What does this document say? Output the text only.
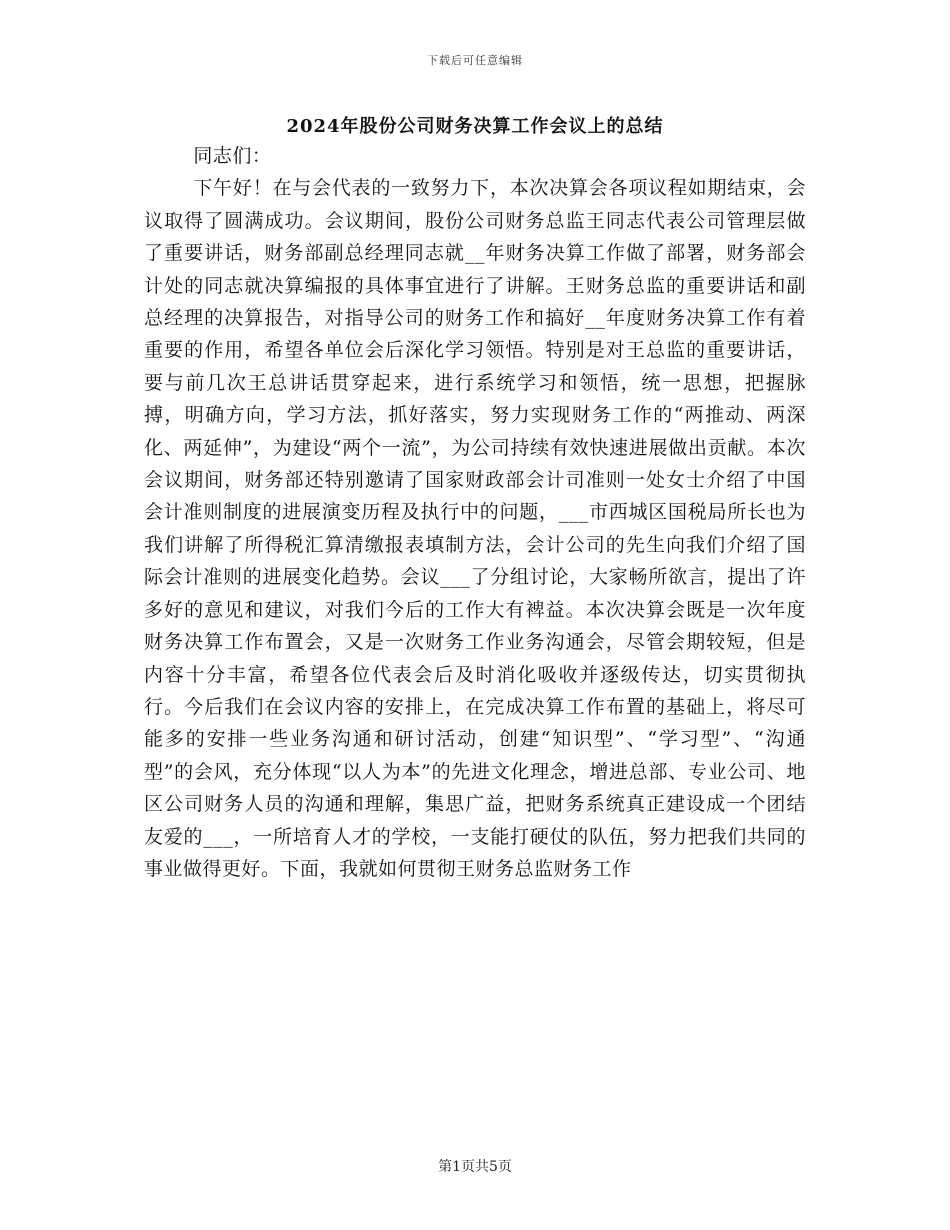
下载后可任意编辑
2024年股份公司财务决算工作会议上的总结

同志们：

下午好！在与会代表的一致努力下，本次决算会各项议程如期结束，会议取得了圆满成功。会议期间，股份公司财务总监王同志代表公司管理层做了重要讲话，财务部副总经理同志就__年财务决算工作做了部署，财务部会计处的同志就决算编报的具体事宜进行了讲解。王财务总监的重要讲话和副总经理的决算报告，对指导公司的财务工作和搞好__年度财务决算工作有着重要的作用，希望各单位会后深化学习领悟。特别是对王总监的重要讲话，要与前几次王总讲话贯穿起来，进行系统学习和领悟，统一思想，把握脉搏，明确方向，学习方法，抓好落实，努力实现财务工作的“两推动、两深化、两延伸”，为建设“两个一流”，为公司持续有效快速进展做出贡献。本次会议期间，财务部还特别邀请了国家财政部会计司准则一处女士介绍了中国会计准则制度的进展演变历程及执行中的问题，___市西城区国税局所长也为我们讲解了所得税汇算清缴报表填制方法，会计公司的先生向我们介绍了国际会计准则的进展变化趋势。会议___了分组讨论，大家畅所欲言，提出了许多好的意见和建议，对我们今后的工作大有裨益。本次决算会既是一次年度财务决算工作布置会，又是一次财务工作业务沟通会，尽管会期较短，但是内容十分丰富，希望各位代表会后及时消化吸收并逐级传达，切实贯彻执行。今后我们在会议内容的安排上，在完成决算工作布置的基础上，将尽可能多的安排一些业务沟通和研讨活动，创建“知识型”、“学习型”、“沟通型”的会风，充分体现“以人为本”的先进文化理念，增进总部、专业公司、地区公司财务人员的沟通和理解，集思广益，把财务系统真正建设成一个团结友爱的___，一所培育人才的学校，一支能打硬仗的队伍，努力把我们共同的事业做得更好。下面，我就如何贯彻王财务总监财务工作

第1页共5页
